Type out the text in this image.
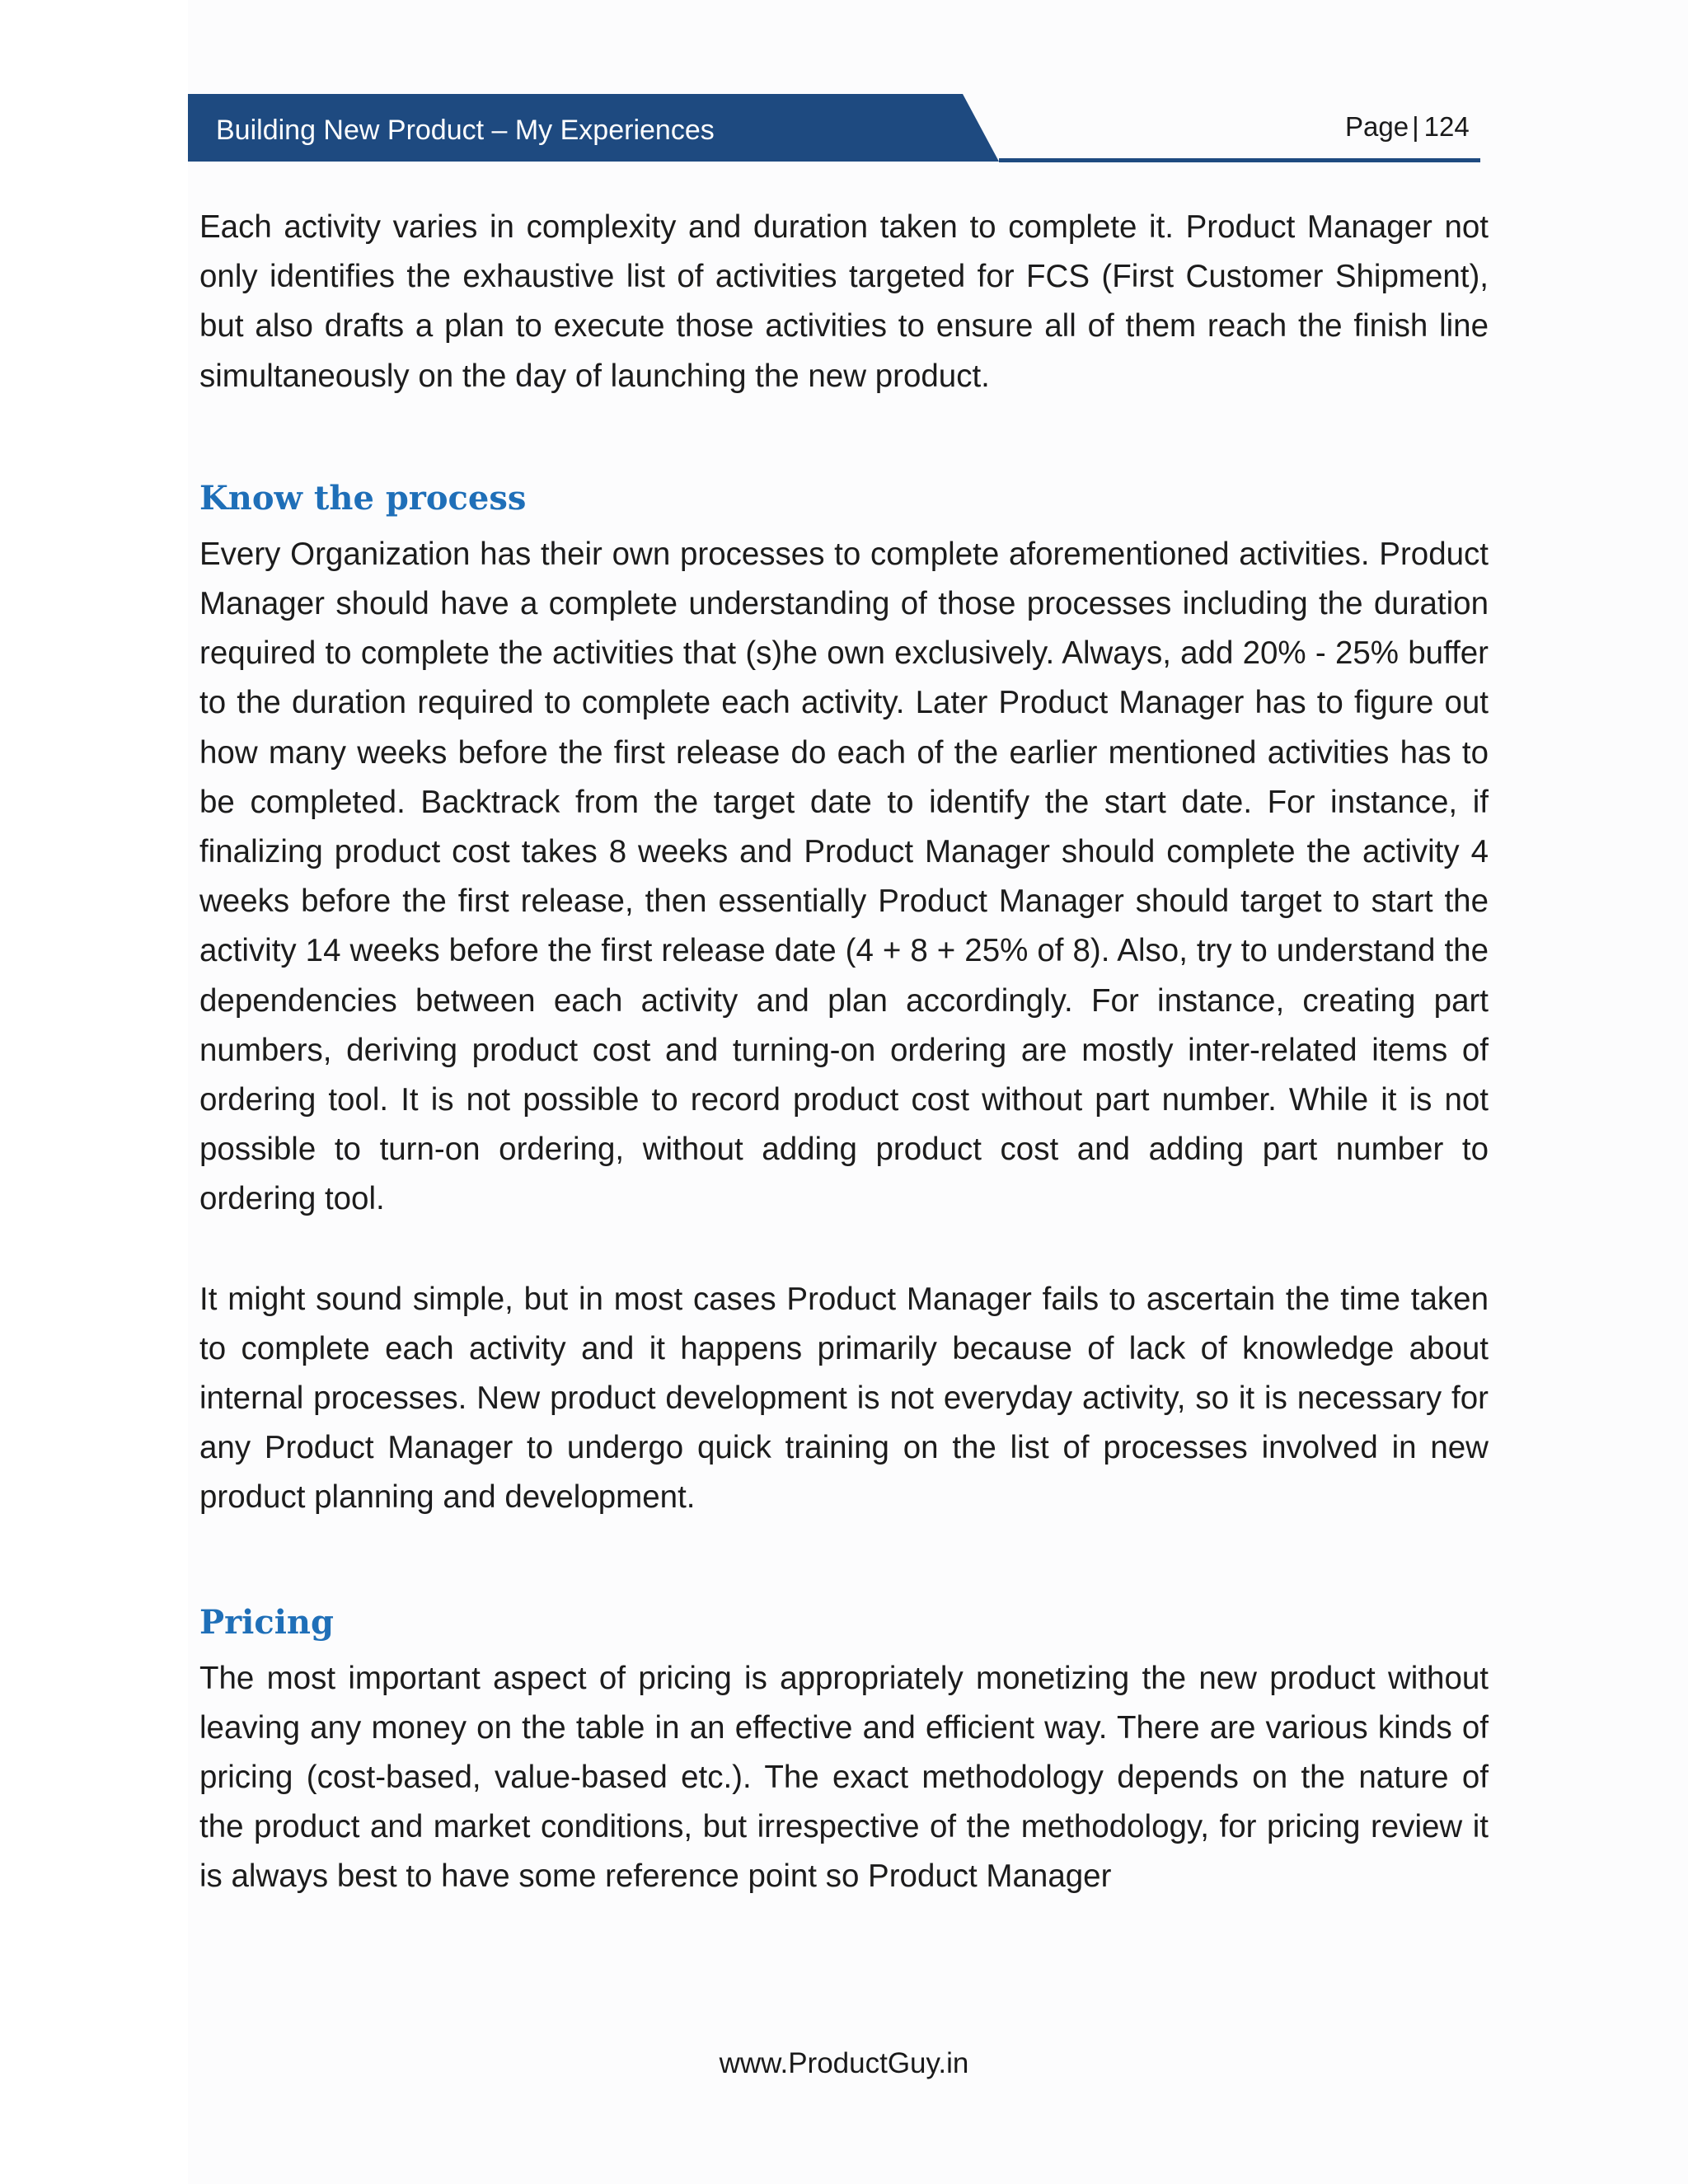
Building New Product – My Experiences	Page | 124

Each activity varies in complexity and duration taken to complete it. Product Manager not only identifies the exhaustive list of activities targeted for FCS (First Customer Shipment), but also drafts a plan to execute those activities to ensure all of them reach the finish line simultaneously on the day of launching the new product.

Know the process

Every Organization has their own processes to complete aforementioned activities. Product Manager should have a complete understanding of those processes including the duration required to complete the activities that (s)he own exclusively. Always, add 20% - 25% buffer to the duration required to complete each activity. Later Product Manager has to figure out how many weeks before the first release do each of the earlier mentioned activities has to be completed. Backtrack from the target date to identify the start date. For instance, if finalizing product cost takes 8 weeks and Product Manager should complete the activity 4 weeks before the first release, then essentially Product Manager should target to start the activity 14 weeks before the first release date (4 + 8 + 25% of 8). Also, try to understand the dependencies between each activity and plan accordingly. For instance, creating part numbers, deriving product cost and turning-on ordering are mostly inter-related items of ordering tool. It is not possible to record product cost without part number. While it is not possible to turn-on ordering, without adding product cost and adding part number to ordering tool.

It might sound simple, but in most cases Product Manager fails to ascertain the time taken to complete each activity and it happens primarily because of lack of knowledge about internal processes. New product development is not everyday activity, so it is necessary for any Product Manager to undergo quick training on the list of processes involved in new product planning and development.

Pricing

The most important aspect of pricing is appropriately monetizing the new product without leaving any money on the table in an effective and efficient way. There are various kinds of pricing (cost-based, value-based etc.). The exact methodology depends on the nature of the product and market conditions, but irrespective of the methodology, for pricing review it is always best to have some reference point so Product Manager

www.ProductGuy.in
